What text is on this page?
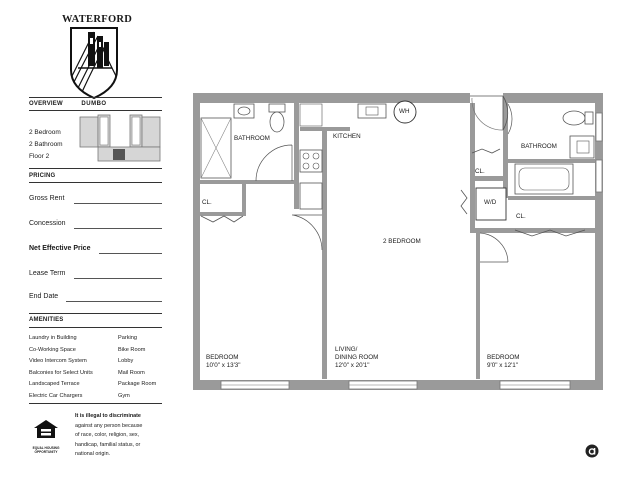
WATERFORD
DUMBO
OVERVIEW
2 Bedroom
2 Bathroom
Floor 2
PRICING
Gross Rent
Concession
Net Effective Price
Lease Term
End Date
AMENITIES
Laundry in Building
Co-Working Space
Video Intercom System
Balconies for Select Units
Landscaped Terrace
Electric Car Chargers
Parking
Bike Room
Lobby
Mail Room
Package Room
Gym
EQUAL HOUSING OPPORTUNITY
It is illegal to discriminate
against any person because
of race, color, religion, sex,
handicap, familial status, or
national origin.
BATHROOM	KITCHEN
WH
BATHROOM
CL.
CL.
CL.
W/D
2 BEDROOM
BEDROOM
10'0" x 13'3"
LIVING/
DINING ROOM
12'0" x 20'1"
BEDROOM
9'0" x 12'1"
